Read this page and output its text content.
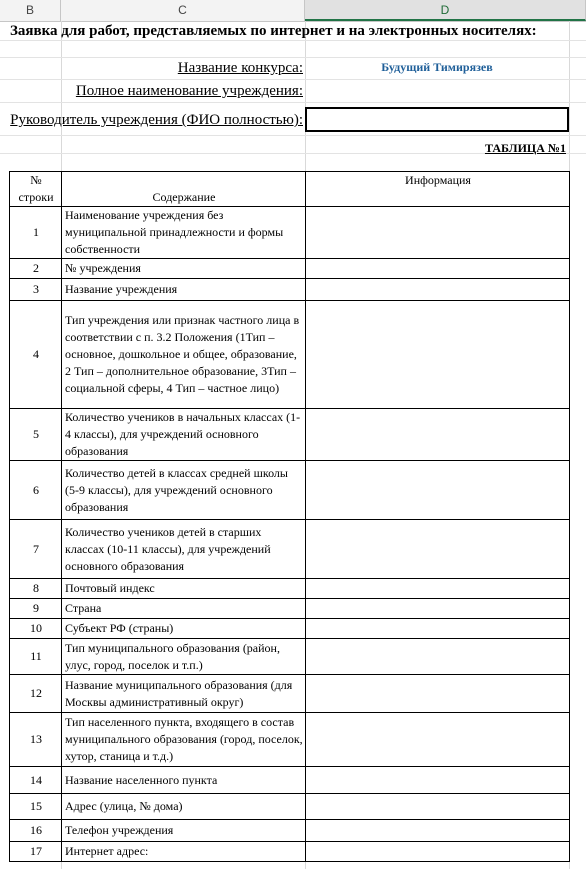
B	C	D
Заявка для работ, представляемых по интернет и на электронных носителях:
Название конкурса:	Будущий Тимирязев
Полное наименование учреждения:
Руководитель учреждения (ФИО полностью):
ТАБЛИЦА №1
№ строки	Содержание	Информация
1	Наименование учреждения без муниципальной принадлежности и формы собственности	
2	№ учреждения	
3	Название учреждения	
4	Тип учреждения или признак частного лица в соответствии с п. 3.2 Положения (1Тип – основное, дошкольное и общее, образование, 2 Тип – дополнительное образование, 3Тип – социальной сферы, 4 Тип – частное лицо)	
5	Количество учеников в начальных классах (1-4 классы), для учреждений основного образования	
6	Количество детей в классах средней школы (5-9 классы), для учреждений основного образования	
7	Количество учеников детей в старших классах (10-11 классы), для учреждений основного образования	
8	Почтовый индекс	
9	Страна	
10	Субъект РФ (страны)	
11	Тип муниципального образования (район, улус, город, поселок и т.п.)	
12	Название муниципального образования (для Москвы административный округ)	
13	Тип населенного пункта, входящего в состав муниципального образования (город, поселок, хутор, станица и т.д.)	
14	Название населенного пункта	
15	Адрес (улица, № дома)	
16	Телефон учреждения	
17	Интернет адрес:	
